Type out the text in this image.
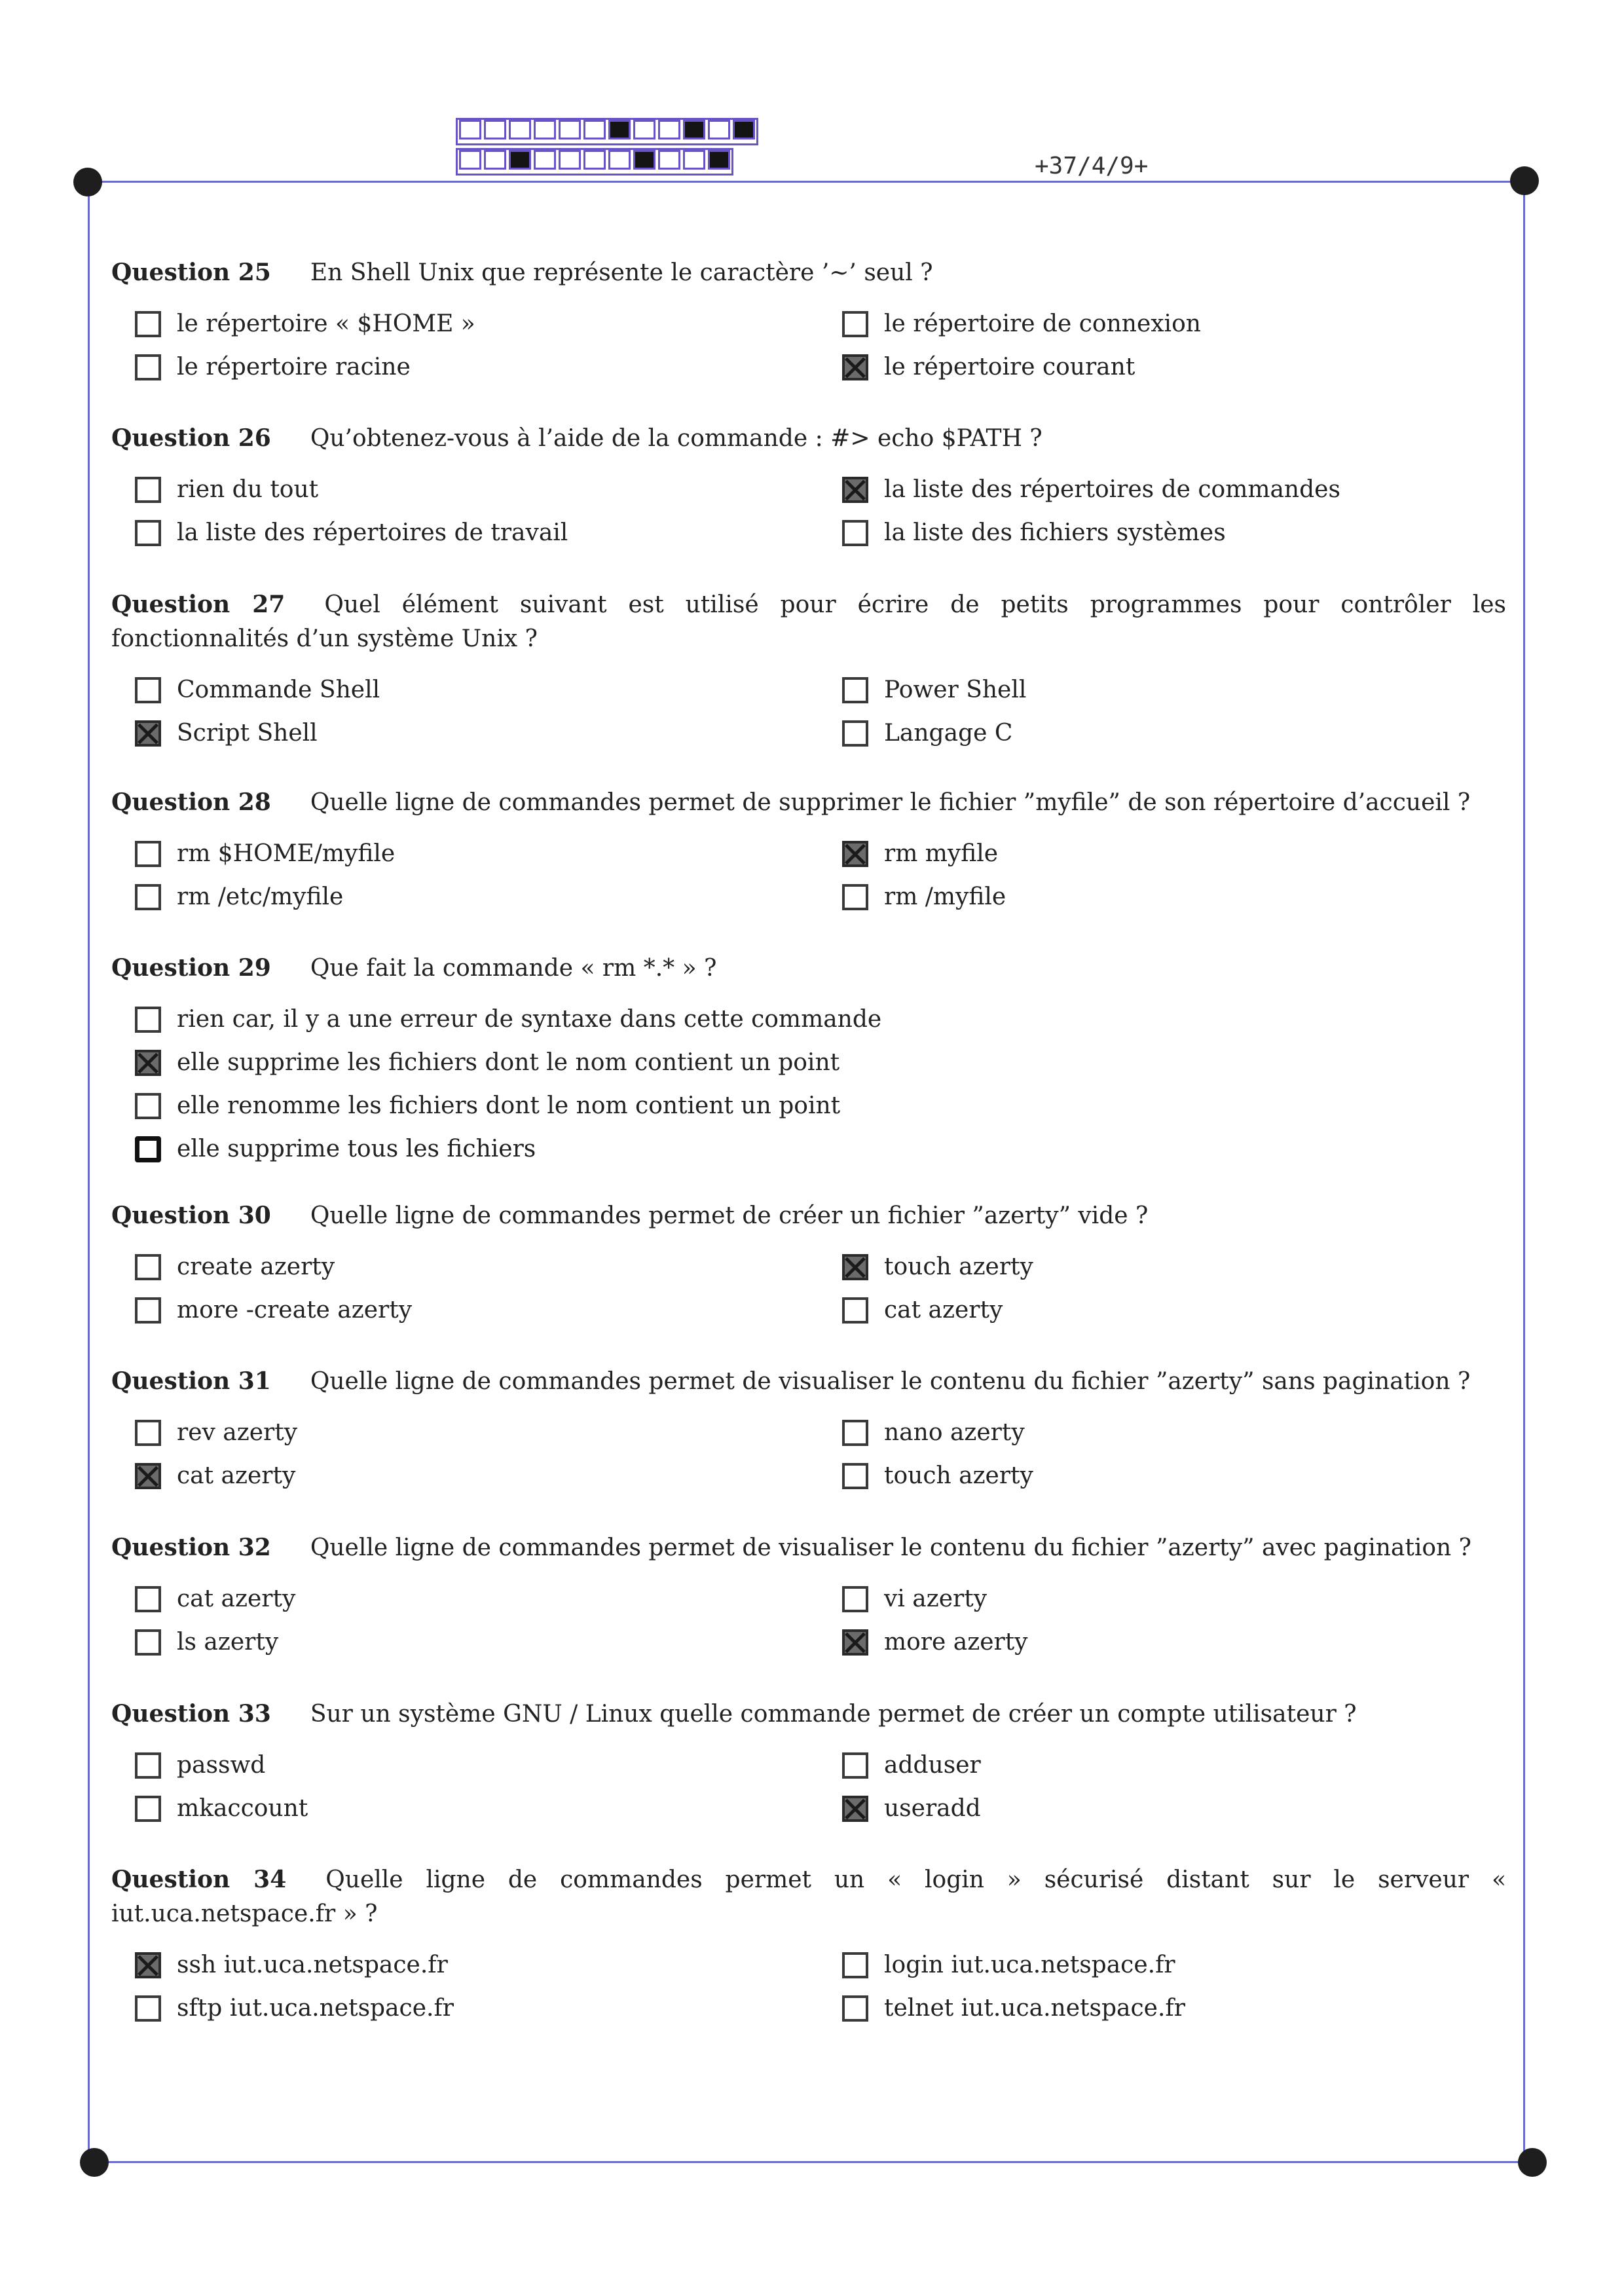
+37/4/9+
Question 25 En Shell Unix que représente le caractère ’∼’ seul ?
le répertoire « $HOME »	le répertoire de connexion
le répertoire racine	le répertoire courant
Question 26 Qu’obtenez-vous à l’aide de la commande : #> echo $PATH ?
rien du tout	la liste des répertoires de commandes
la liste des répertoires de travail	la liste des fichiers systèmes
Question 27 Quel élément suivant est utilisé pour écrire de petits programmes pour contrôler les fonctionnalités d’un système Unix ?
Commande Shell	Power Shell
Script Shell	Langage C
Question 28 Quelle ligne de commandes permet de supprimer le fichier ”myfile” de son répertoire d’accueil ?
rm $HOME/myfile	rm myfile
rm /etc/myfile	rm /myfile
Question 29 Que fait la commande « rm *.* » ?
rien car, il y a une erreur de syntaxe dans cette commande
elle supprime les fichiers dont le nom contient un point
elle renomme les fichiers dont le nom contient un point
elle supprime tous les fichiers
Question 30 Quelle ligne de commandes permet de créer un fichier ”azerty” vide ?
create azerty	touch azerty
more -create azerty	cat azerty
Question 31 Quelle ligne de commandes permet de visualiser le contenu du fichier ”azerty” sans pagination ?
rev azerty	nano azerty
cat azerty	touch azerty
Question 32 Quelle ligne de commandes permet de visualiser le contenu du fichier ”azerty” avec pagination ?
cat azerty	vi azerty
ls azerty	more azerty
Question 33 Sur un système GNU / Linux quelle commande permet de créer un compte utilisateur ?
passwd	adduser
mkaccount	useradd
Question 34 Quelle ligne de commandes permet un « login » sécurisé distant sur le serveur « iut.uca.netspace.fr » ?
ssh iut.uca.netspace.fr	login iut.uca.netspace.fr
sftp iut.uca.netspace.fr	telnet iut.uca.netspace.fr
